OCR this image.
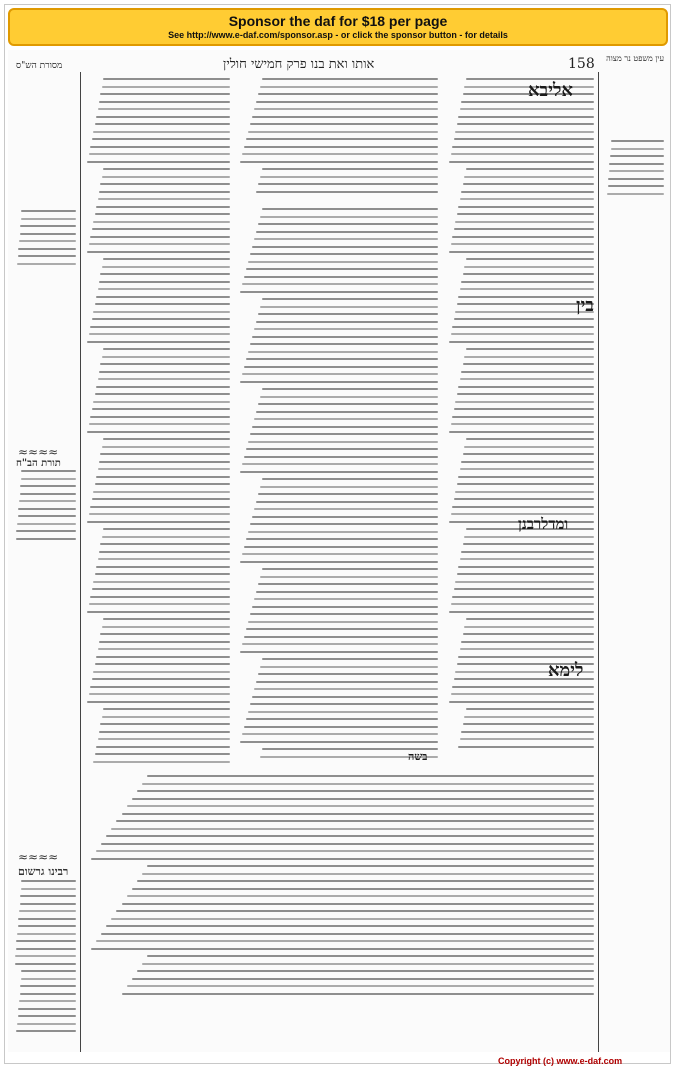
Sponsor the daf for $18 per page
See http://www.e-daf.com/sponsor.asp - or click the sponsor button - for details
158
אותו ואת בנו פרק חמישי חולין
מסורת הש"ס
עין משפט נר מצוה
אליבא
בין
ומדלרבנן
לימא
בשה
≈≈≈≈
תורת הב"ח
≈≈≈≈
רבינו גרשום
Copyright (c) www.e-daf.com
